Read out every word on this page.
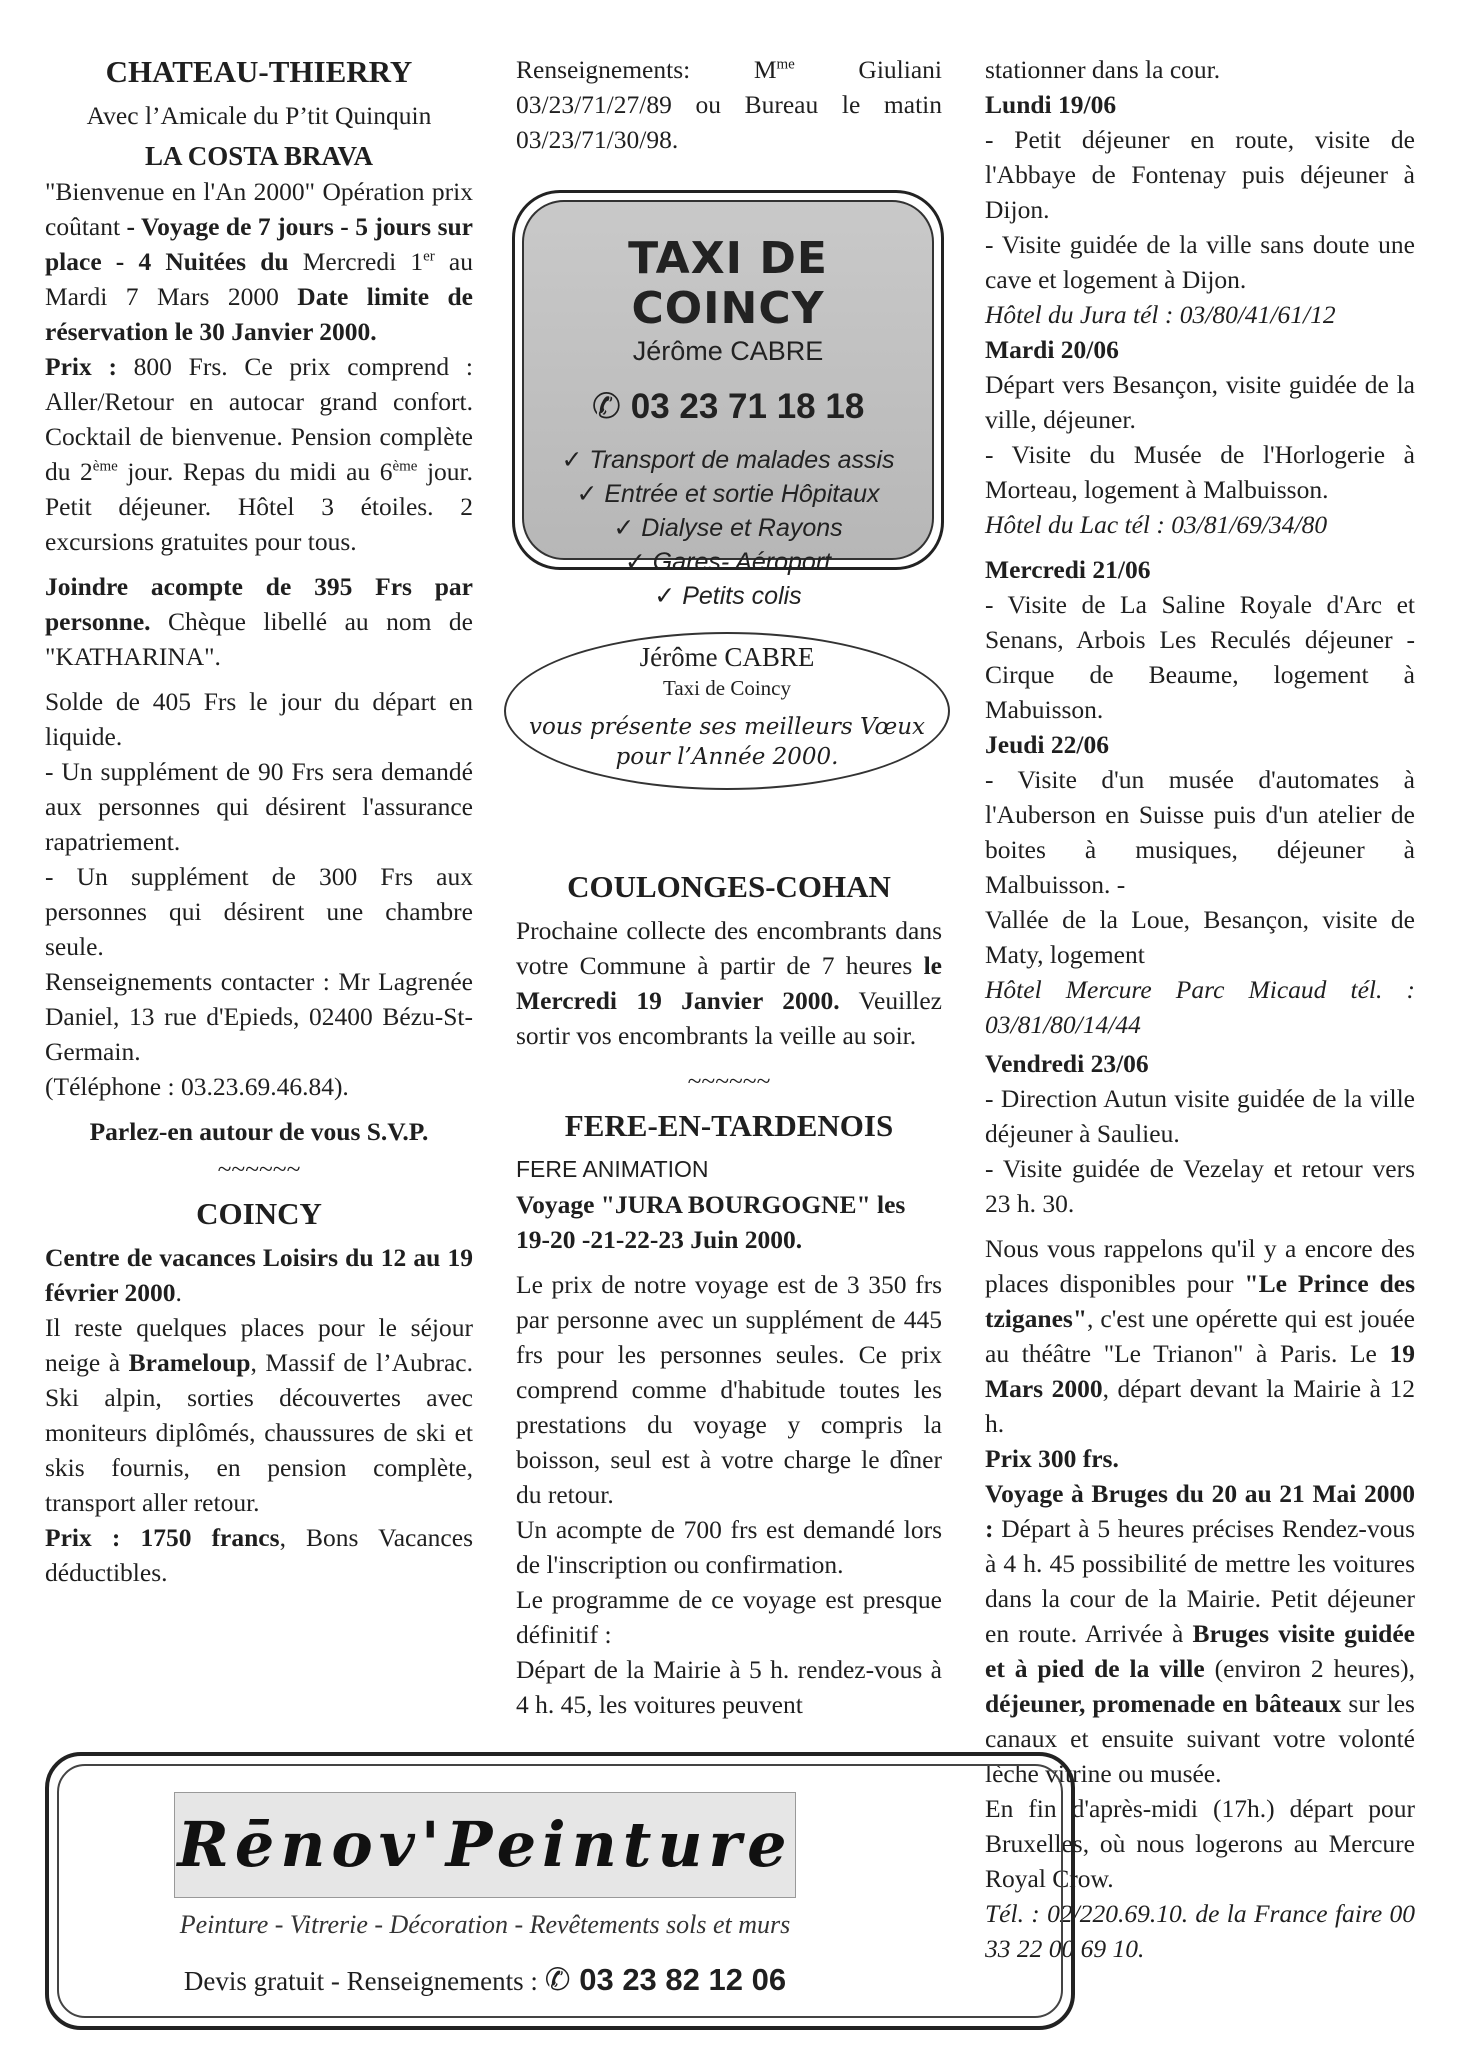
CHATEAU-THIERRY

Avec l’Amicale du P’tit Quinquin

LA COSTA BRAVA

"Bienvenue en l'An 2000" Opération prix coûtant - Voyage de 7 jours - 5 jours sur place - 4 Nuitées du Mercredi 1er au Mardi 7 Mars 2000 Date limite de réservation le 30 Janvier 2000.

Prix : 800 Frs. Ce prix comprend : Aller/Retour en autocar grand confort. Cocktail de bienvenue. Pension complète du 2ème jour. Repas du midi au 6ème jour. Petit déjeuner. Hôtel 3 étoiles. 2 excursions gratuites pour tous.

Joindre acompte de 395 Frs par personne. Chèque libellé au nom de "KATHARINA".

Solde de 405 Frs le jour du départ en liquide.

- Un supplément de 90 Frs sera demandé aux personnes qui désirent l'assurance rapatriement.

- Un supplément de 300 Frs aux personnes qui désirent une chambre seule.

Renseignements contacter : Mr Lagrenée Daniel, 13 rue d'Epieds, 02400 Bézu-St-Germain.

(Téléphone : 03.23.69.46.84).

Parlez-en autour de vous S.V.P.

~~~~~~

COINCY

Centre de vacances Loisirs du 12 au 19 février 2000.

Il reste quelques places pour le séjour neige à Brameloup, Massif de l’Aubrac. Ski alpin, sorties découvertes avec moniteurs diplômés, chaussures de ski et skis fournis, en pension complète, transport aller retour.

Prix : 1750 francs, Bons Vacances déductibles.

Renseignements: $M^{me}$ Giuliani 03/23/71/27/89 ou Bureau le matin 03/23/71/30/98.

COULONGES-COHAN

Prochaine collecte des encombrants dans votre Commune à partir de 7 heures le Mercredi 19 Janvier 2000. Veuillez sortir vos encombrants la veille au soir.

~~~~~~

FERE-EN-TARDENOIS

FERE ANIMATION

Voyage "JURA BOURGOGNE" les 19-20 -21-22-23 Juin 2000.

Le prix de notre voyage est de 3 350 frs par personne avec un supplément de 445 frs pour les personnes seules. Ce prix comprend comme d'habitude toutes les prestations du voyage y compris la boisson, seul est à votre charge le dîner du retour.

Un acompte de 700 frs est demandé lors de l'inscription ou confirmation.

Le programme de ce voyage est presque définitif :

Départ de la Mairie à 5 h. rendez-vous à 4 h. 45, les voitures peuvent

TAXI DE COINCY
Jérôme CABRE
✆ 03 23 71 18 18
✓ Transport de malades assis
✓ Entrée et sortie Hôpitaux
✓ Dialyse et Rayons
✓ Gares- Aéroport
✓ Petits colis
Jérôme CABRE
Taxi de Coincy
vous présente ses meilleurs Vœux
pour l’Année 2000.

stationner dans la cour.

Lundi 19/06

- Petit déjeuner en route, visite de l'Abbaye de Fontenay puis déjeuner à Dijon.

- Visite guidée de la ville sans doute une cave et logement à Dijon.

Hôtel du Jura tél : 03/80/41/61/12

Mardi 20/06

Départ vers Besançon, visite guidée de la ville, déjeuner.

- Visite du Musée de l'Horlogerie à Morteau, logement à Malbuisson.

Hôtel du Lac tél : 03/81/69/34/80

Mercredi 21/06

- Visite de La Saline Royale d'Arc et Senans, Arbois Les Reculés déjeuner - Cirque de Beaume, logement à Mabuisson.

Jeudi 22/06

- Visite d'un musée d'automates à l'Auberson en Suisse puis d'un atelier de boites à musiques, déjeuner à Malbuisson. -

Vallée de la Loue, Besançon, visite de Maty, logement

Hôtel Mercure Parc Micaud tél. : 03/81/80/14/44

Vendredi 23/06

- Direction Autun visite guidée de la ville déjeuner à Saulieu.

- Visite guidée de Vezelay et retour vers 23 h. 30.

Nous vous rappelons qu'il y a encore des places disponibles pour "Le Prince des tziganes", c'est une opérette qui est jouée au théâtre "Le Trianon" à Paris. Le 19 Mars 2000, départ devant la Mairie à 12 h.

Prix 300 frs.

Voyage à Bruges du 20 au 21 Mai 2000 : Départ à 5 heures précises Rendez-vous à 4 h. 45 possibilité de mettre les voitures dans la cour de la Mairie. Petit déjeuner en route. Arrivée à Bruges visite guidée et à pied de la ville (environ 2 heures), déjeuner, promenade en bâteaux sur les canaux et ensuite suivant votre volonté lèche vitrine ou musée.

En fin d'après-midi (17h.) départ pour Bruxelles, où nous logerons au Mercure Royal Crow.

Tél. : 02/220.69.10. de la France faire 00 33 22 00 69 10.

Rēnov'Peinture
Peinture - Vitrerie - Décoration - Revêtements sols et murs
Devis gratuit - Renseignements : ✆ 03 23 82 12 06
